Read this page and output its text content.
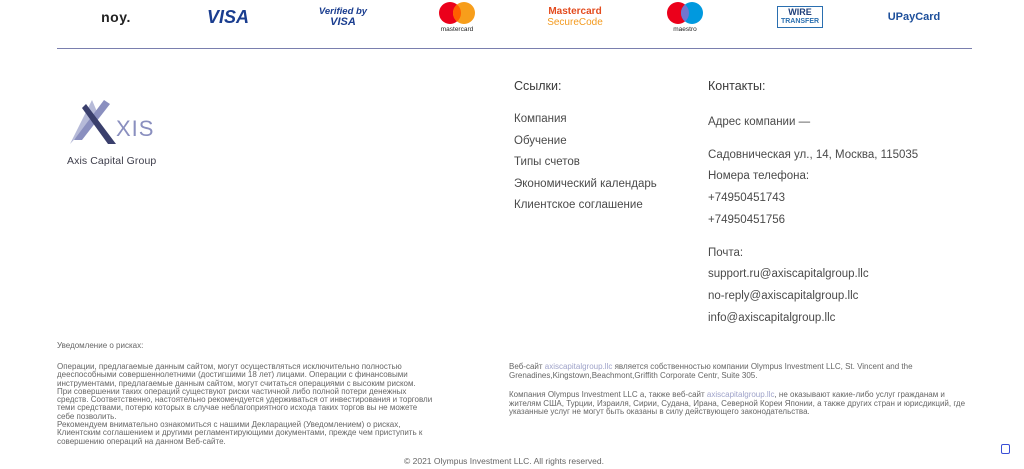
noy.	VISA	Verified by
VISA
mastercard
Mastercard
SecureCode
maestro
WIRE
TRANSFER	UPayCard
XIS
Axis Capital Group
Ссылки:
Компания
Обучение
Типы счетов
Экономический календарь
Клиентское соглашение
Контакты:
Адрес компании —
Садовническая ул., 14, Москва, 115035
Номера телефона:
+74950451743
+74950451756
Почта:
support.ru@axiscapitalgroup.llc
no-reply@axiscapitalgroup.llc
info@axiscapitalgroup.llc
Уведомление о рисках:
Операции, предлагаемые данным сайтом, могут осуществляться исключительно полностью
дееспособными совершеннолетними (достигшими 18 лет) лицами. Операции с финансовыми
инструментами, предлагаемые данным сайтом, могут считаться операциями с высоким риском.
При совершении таких операций существуют риски частичной либо полной потери денежных
средств. Соответственно, настоятельно рекомендуется удерживаться от инвестирования и торговли
теми средствами, потерю которых в случае неблагоприятного исхода таких торгов вы не можете
себе позволить.
Рекомендуем внимательно ознакомиться с нашими Декларацией (Уведомлением) о рисках,
Клиентским соглашением и другими регламентирующими документами, прежде чем приступить к
совершению операций на данном Веб-сайте.
Веб-сайт axiscapitalgroup.llc является собственностью компании Olympus Investment LLC, St. Vincent and the Grenadines,Kingstown,Beachmont,Griffith Corporate Centr, Suite 305.
Компания Olympus Investment LLC а, также веб-сайт axiscapitalgroup.llc, не оказывают какие-либо услуг гражданам и жителям США, Турции, Израиля, Сирии, Судана, Ирана, Северной Кореи Японии, а также других стран и юрисдикций, где указанные услуг не могут быть оказаны в силу действующего законодательства.
© 2021 Olympus Investment LLC. All rights reserved.
